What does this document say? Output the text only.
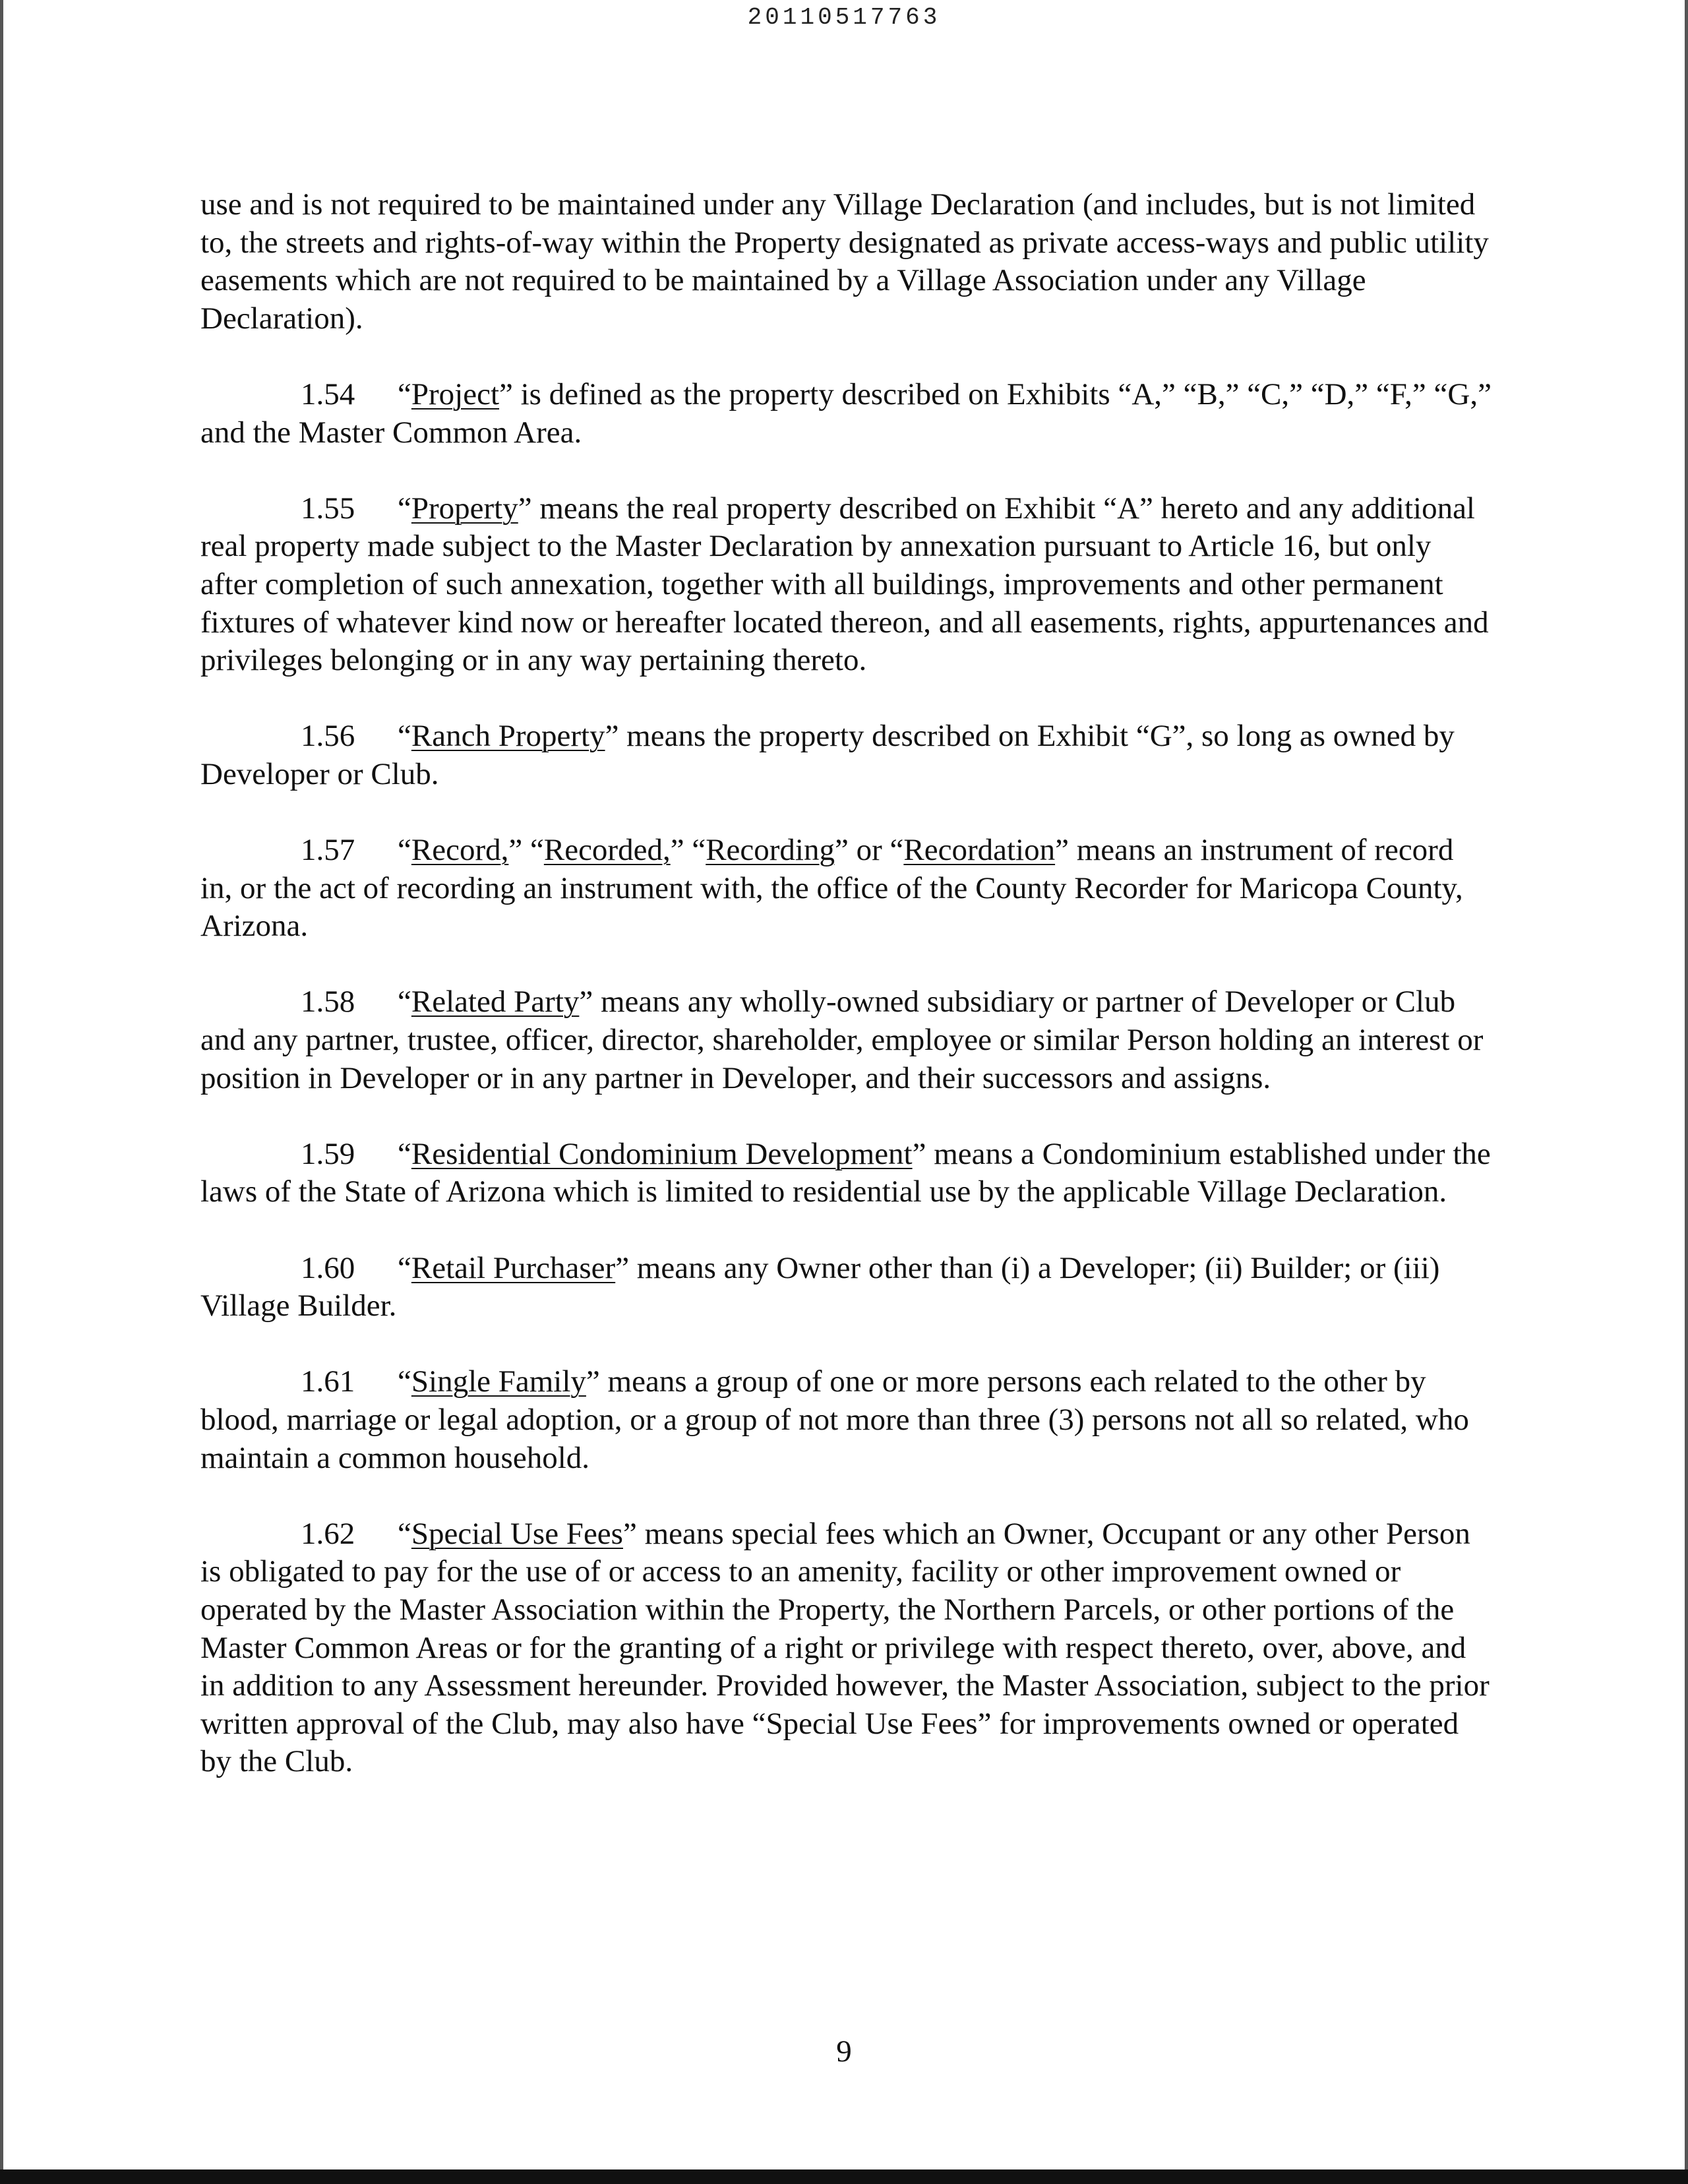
20110517763

use and is not required to be maintained under any Village Declaration (and includes, but is not limited to, the streets and rights-of-way within the Property designated as private access-ways and public utility easements which are not required to be maintained by a Village Association under any Village Declaration).

1.54 “Project” is defined as the property described on Exhibits “A,” “B,” “C,” “D,” “F,” “G,” and the Master Common Area.

1.55 “Property” means the real property described on Exhibit “A” hereto and any additional real property made subject to the Master Declaration by annexation pursuant to Article 16, but only after completion of such annexation, together with all buildings, improvements and other permanent fixtures of whatever kind now or hereafter located thereon, and all easements, rights, appurtenances and privileges belonging or in any way pertaining thereto.

1.56 “Ranch Property” means the property described on Exhibit “G”, so long as owned by Developer or Club.

1.57 “Record,” “Recorded,” “Recording” or “Recordation” means an instrument of record in, or the act of recording an instrument with, the office of the County Recorder for Maricopa County, Arizona.

1.58 “Related Party” means any wholly-owned subsidiary or partner of Developer or Club and any partner, trustee, officer, director, shareholder, employee or similar Person holding an interest or position in Developer or in any partner in Developer, and their successors and assigns.

1.59 “Residential Condominium Development” means a Condominium established under the laws of the State of Arizona which is limited to residential use by the applicable Village Declaration.

1.60 “Retail Purchaser” means any Owner other than (i) a Developer; (ii) Builder; or (iii) Village Builder.

1.61 “Single Family” means a group of one or more persons each related to the other by blood, marriage or legal adoption, or a group of not more than three (3) persons not all so related, who maintain a common household.

1.62 “Special Use Fees” means special fees which an Owner, Occupant or any other Person is obligated to pay for the use of or access to an amenity, facility or other improvement owned or operated by the Master Association within the Property, the Northern Parcels, or other portions of the Master Common Areas or for the granting of a right or privilege with respect thereto, over, above, and in addition to any Assessment hereunder. Provided however, the Master Association, subject to the prior written approval of the Club, may also have “Special Use Fees” for improvements owned or operated by the Club.

9
